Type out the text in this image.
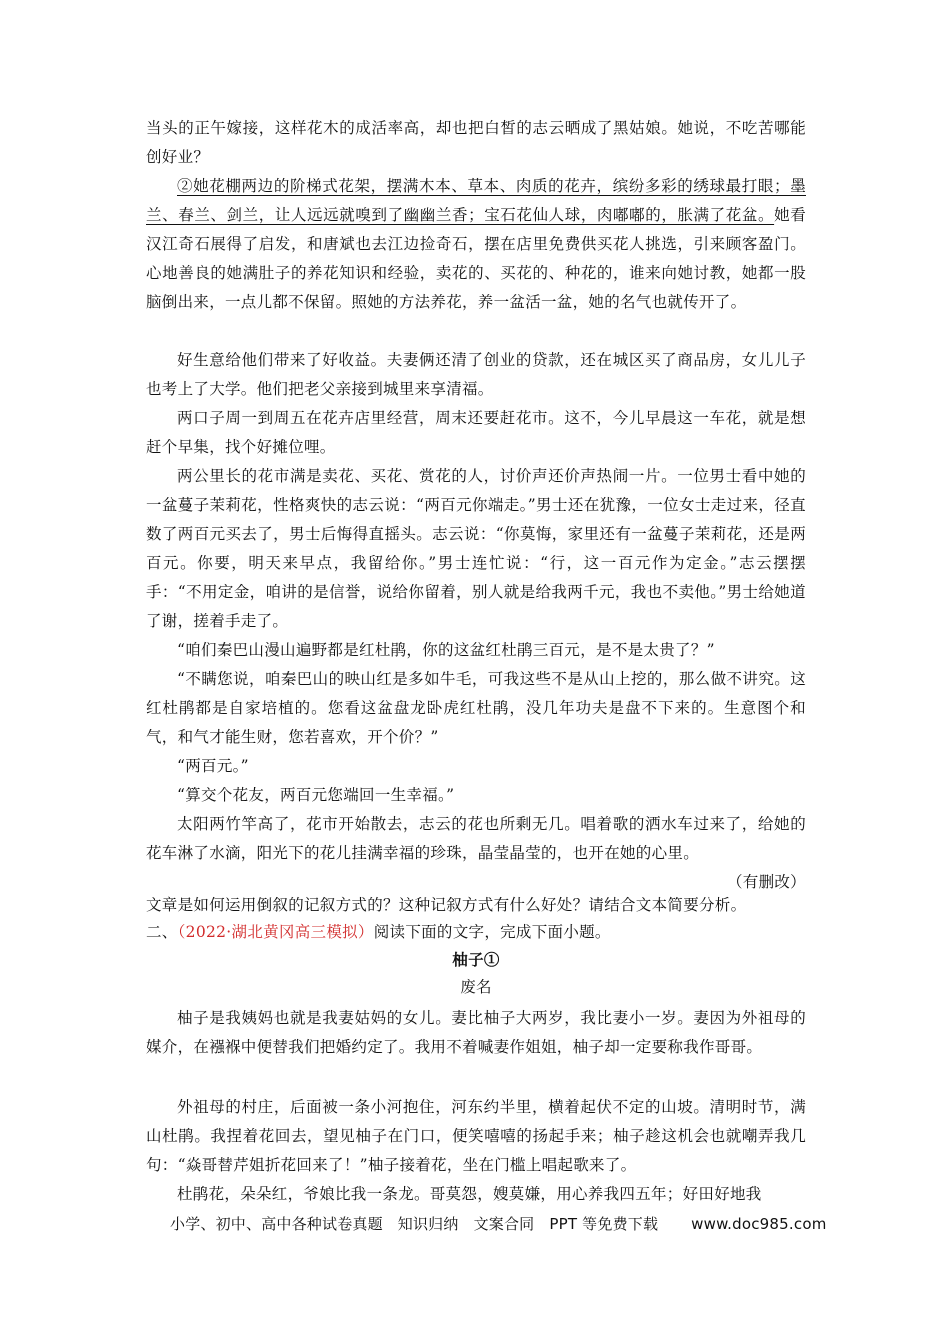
当头的正午嫁接，这样花木的成活率高，却也把白皙的志云晒成了黑姑娘。她说，不吃苦哪能创好业？

②她花棚两边的阶梯式花架，摆满木本、草本、肉质的花卉，缤纷多彩的绣球最打眼；墨兰、春兰、剑兰，让人远远就嗅到了幽幽兰香；宝石花仙人球，肉嘟嘟的，胀满了花盆。她看汉江奇石展得了启发，和唐斌也去江边捡奇石，摆在店里免费供买花人挑选，引来顾客盈门。心地善良的她满肚子的养花知识和经验，卖花的、买花的、种花的，谁来向她讨教，她都一股脑倒出来，一点儿都不保留。照她的方法养花，养一盆活一盆，她的名气也就传开了。

好生意给他们带来了好收益。夫妻俩还清了创业的贷款，还在城区买了商品房，女儿儿子也考上了大学。他们把老父亲接到城里来享清福。

两口子周一到周五在花卉店里经营，周末还要赶花市。这不，今儿早晨这一车花，就是想赶个早集，找个好摊位哩。

两公里长的花市满是卖花、买花、赏花的人，讨价声还价声热闹一片。一位男士看中她的一盆蔓子茉莉花，性格爽快的志云说：“两百元你端走。”男士还在犹豫，一位女士走过来，径直数了两百元买去了，男士后悔得直摇头。志云说：“你莫悔，家里还有一盆蔓子茉莉花，还是两百元。你要，明天来早点，我留给你。”男士连忙说：“行，这一百元作为定金。”志云摆摆手：“不用定金，咱讲的是信誉，说给你留着，别人就是给我两千元，我也不卖他。”男士给她道了谢，搓着手走了。

“咱们秦巴山漫山遍野都是红杜鹃，你的这盆红杜鹃三百元，是不是太贵了？”

“不瞒您说，咱秦巴山的映山红是多如牛毛，可我这些不是从山上挖的，那么做不讲究。这红杜鹃都是自家培植的。您看这盆盘龙卧虎红杜鹃，没几年功夫是盘不下来的。生意图个和气，和气才能生财，您若喜欢，开个价？”

“两百元。”

“算交个花友，两百元您端回一生幸福。”

太阳两竹竿高了，花市开始散去，志云的花也所剩无几。唱着歌的洒水车过来了，给她的花车淋了水滴，阳光下的花儿挂满幸福的珍珠，晶莹晶莹的，也开在她的心里。

（有删改）

文章是如何运用倒叙的记叙方式的？这种记叙方式有什么好处？请结合文本简要分析。

二、（2022·湖北黄冈高三模拟）阅读下面的文字，完成下面小题。

柚子①

废名

柚子是我姨妈也就是我妻姑妈的女儿。妻比柚子大两岁，我比妻小一岁。妻因为外祖母的媒介，在襁褓中便替我们把婚约定了。我用不着喊妻作姐姐，柚子却一定要称我作哥哥。

外祖母的村庄，后面被一条小河抱住，河东约半里，横着起伏不定的山坡。清明时节，满山杜鹃。我捏着花回去，望见柚子在门口，便笑嘻嘻的扬起手来；柚子趁这机会也就嘲弄我几句：“焱哥替芹姐折花回来了！”柚子接着花，坐在门槛上唱起歌来了。

杜鹃花，朵朵红，爷娘比我一条龙。哥莫怨，嫂莫嫌，用心养我四五年；好田好地我

小学、初中、高中各种试卷真题 知识归纳 文案合同 PPT 等免费下载 www.doc985.com
